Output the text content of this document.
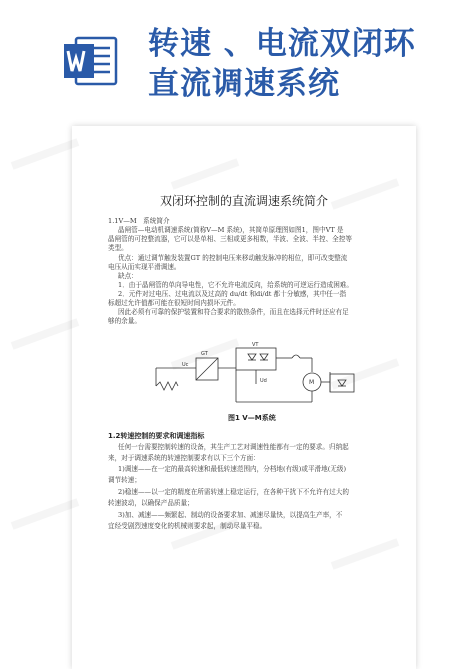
转速 、电流双闭环
直流调速系统
双闭环控制的直流调速系统简介
1.1V—M　系统简介
晶闸管—电动机调速系统(简称V—M 系统)，其简单原理图如图1，图中VT 是
晶闸管的可控整流器，它可以是单相、三相或更多相数，半波、全波、半控、全控等
类型。
优点：通过调节触发装置GT 的控制电压来移动触发脉冲的相位，即可改变整流
电压从而实现平滑调速。
缺点：
1．由于晶闸管的单向导电性，它不允许电流反向，给系统的可逆运行造成困难。
2．元件对过电压、过电流以及过高的 du/dt 和di/dt 都十分敏感，其中任一指
标超过允许值都可能在很短时间内损坏元件。
因此必须有可靠的保护装置和符合要求的散热条件，而且在选择元件时还应有足
够的余量。
Uc
GT
VT
Ud	M
图1 V—M系统
1.2转速控制的要求和调速指标
任何一台需要控制转速的设备，其生产工艺对调速性能都有一定的要求。归纳起
来，对于调速系统的转速控制要求有以下三个方面：
1)调速——在一定的最高转速和最低转速范围内，分档地(有级)或平滑地(无级)
调节转速；
2)稳速——以一定的精度在所需转速上稳定运行，在各种干扰下不允许有过大的
转速波动，以确保产品质量；
3)加、减速——频繁起、制动的设备要求加、减速尽量快，以提高生产率，不
宜经受剧烈速度变化的机械则要求起，制动尽量平稳。
